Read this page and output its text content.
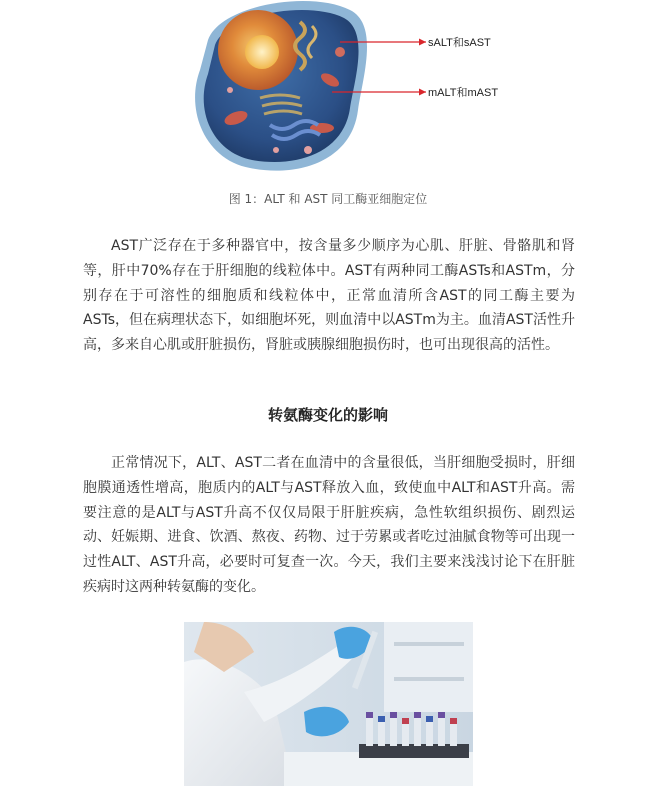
sALT和sAST
mALT和mAST
图 1：ALT 和 AST 同工酶亚细胞定位

AST广泛存在于多种器官中，按含量多少顺序为心肌、肝脏、骨骼肌和肾等，肝中70%存在于肝细胞的线粒体中。AST有两种同工酶ASTs和ASTm，分别存在于可溶性的细胞质和线粒体中，正常血清所含AST的同工酶主要为ASTs，但在病理状态下，如细胞坏死，则血清中以ASTm为主。血清AST活性升高，多来自心肌或肝脏损伤，肾脏或胰腺细胞损伤时，也可出现很高的活性。

转氨酶变化的影响

正常情况下，ALT、AST二者在血清中的含量很低，当肝细胞受损时，肝细胞膜通透性增高，胞质内的ALT与AST释放入血，致使血中ALT和AST升高。需要注意的是ALT与AST升高不仅仅局限于肝脏疾病，急性软组织损伤、剧烈运动、妊娠期、进食、饮酒、熬夜、药物、过于劳累或者吃过油腻食物等可出现一过性ALT、AST升高，必要时可复查一次。今天，我们主要来浅浅讨论下在肝脏疾病时这两种转氨酶的变化。
